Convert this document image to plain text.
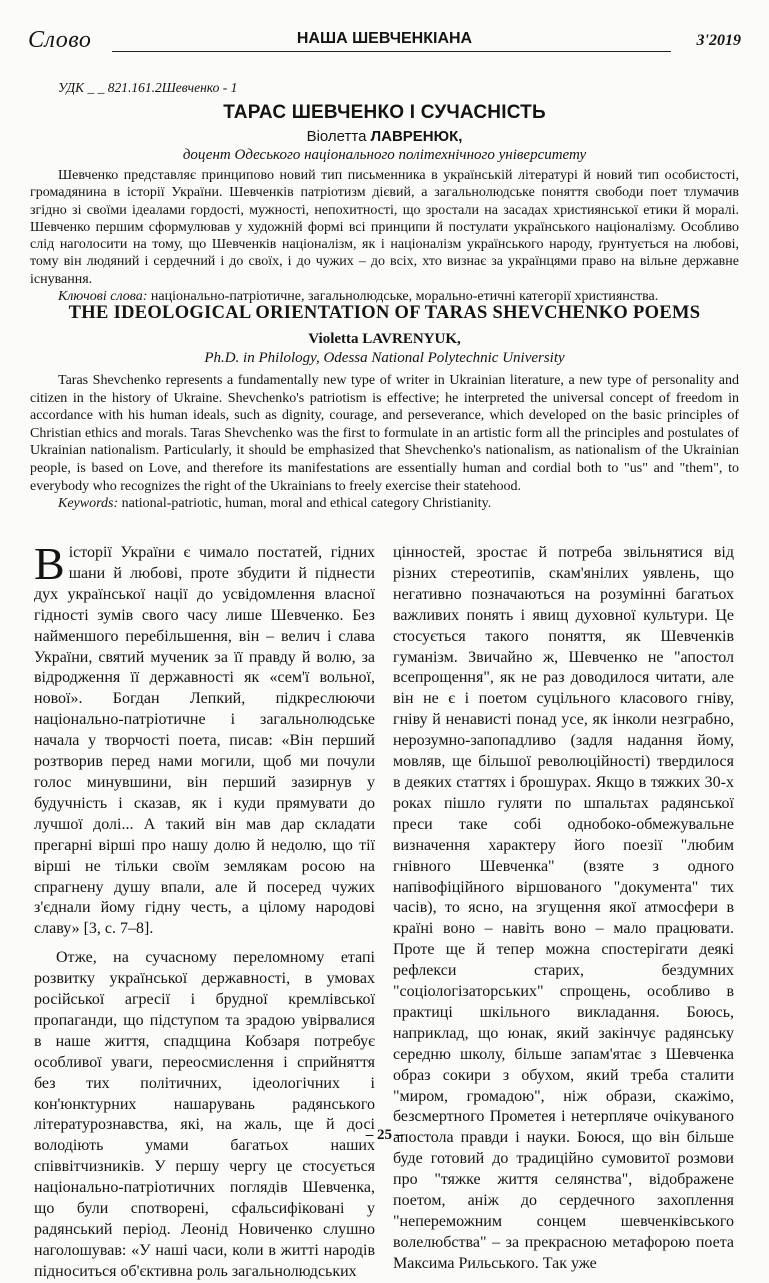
Слово	НАША ШЕВЧЕНКІАНА	3'2019
УДК _ _ 821.161.2Шевченко - 1
ТАРАС ШЕВЧЕНКО І СУЧАСНІСТЬ
Віолетта ЛАВРЕНЮК,
доцент Одеського національного політехнічного університету

Шевченко представляє принципово новий тип письменника в українській літературі й новий тип особистості, громадянина в історії України. Шевченків патріотизм дієвий, а загальнолюдське поняття свободи поет тлумачив згідно зі своїми ідеалами гордості, мужності, непохитності, що зростали на засадах християнської етики й моралі. Шевченко першим сформулював у художній формі всі принципи й постулати українського націоналізму. Особливо слід наголосити на тому, що Шевченків націоналізм, як і націоналізм українського народу, ґрунтується на любові, тому він людяний і сердечний і до своїх, і до чужих – до всіх, хто визнає за українцями право на вільне державне існування.

Ключові слова: національно-патріотичне, загальнолюдське, морально-етичні категорії християнства.
THE IDEOLOGICAL ORIENTATION OF TARAS SHEVCHENKO POEMS
Violetta LAVRENYUK,
Ph.D. in Philology, Odessa National Polytechnic University

Taras Shevchenko represents a fundamentally new type of writer in Ukrainian literature, a new type of personality and citizen in the history of Ukraine. Shevchenko's patriotism is effective; he interpreted the universal concept of freedom in accordance with his human ideals, such as dignity, courage, and perseverance, which developed on the basic principles of Christian ethics and morals. Taras Shevchenko was the first to formulate in an artistic form all the principles and postulates of Ukrainian nationalism. Particularly, it should be emphasized that Shevchenko's nationalism, as nationalism of the Ukrainian people, is based on Love, and therefore its manifestations are essentially human and cordial both to "us" and "them", to everybody who recognizes the right of the Ukrainians to freely exercise their statehood.

Keywords: national-patriotic, human, moral and ethical category Christianity.

Вісторії України є чимало постатей, гідних шани й любові, проте збудити й піднести дух української нації до усвідомлення власної гідності зумів свого часу лише Шевченко. Без найменшого перебільшення, він – велич і слава України, святий мученик за її правду й волю, за відродження її державності як «сем'ї вольної, новоï». Богдан Лепкий, підкреслюючи національно-патріотичне і загальнолюдське начала у творчості поета, писав: «Він перший розтворив перед нами могили, щоб ми почули голос минувшини, він перший зазирнув у будучність і сказав, як і куди прямувати до лучшої долі... А такий він мав дар складати прегарні вірші про нашу долю й недолю, що тії вірші не тільки своїм землякам росою на спрагнену душу впали, але й посеред чужих з'єднали йому гідну честь, а цілому народові славу» [3, с. 7–8].

Отже, на сучасному переломному етапі розвитку української державності, в умовах російської агресії і брудної кремлівської пропаганди, що підступом та зрадою увірвалися в наше життя, спадщина Кобзаря потребує особливої уваги, переосмислення і сприйняття без тих політичних, ідеологічних і кон'юнктурних нашарувань радянського літературознавства, які, на жаль, ще й досі володіють умами багатьох наших співвітчизників. У першу чергу це стосується національно-патріотичних поглядів Шевченка, що були спотворені, сфальсифіковані у радянський період. Леонід Новиченко слушно наголошував: «У наші часи, коли в житті народів підноситься об'єктивна роль загальнолюдських

цінностей, зростає й потреба звільнятися від різних стереотипів, скам'янілих уявлень, що негативно позначаються на розумінні багатьох важливих понять і явищ духовної культури. Це стосується такого поняття, як Шевченків гуманізм. Звичайно ж, Шевченко не "апостол всепрощення", як не раз доводилося читати, але він не є і поетом суцільного класового гніву, гніву й ненависті понад усе, як інколи незграбно, нерозумно-запопадливо (задля надання йому, мовляв, ще більшої революційності) твердилося в деяких статтях і брошурах. Якщо в тяжких 30-х роках пішло гуляти по шпальтах радянської преси таке собі однобоко-обмежувальне визначення характеру його поезії "любим гнівного Шевченка" (взяте з одного напівофіційного віршованого "документа" тих часів), то ясно, на згущення якої атмосфери в країні воно – навіть воно – мало працювати. Проте ще й тепер можна спостерігати деякі рефлекси старих, бездумних "соціологізаторських" спрощень, особливо в практиці шкільного викладання. Боюсь, наприклад, що юнак, який закінчує радянську середню школу, більше запам'ятає з Шевченка образ сокири з обухом, який треба сталити "миром, громадою", ніж образи, скажімо, безсмертного Прометея і нетерпляче очікуваного апостола правди і науки. Боюся, що він більше буде готовий до традиційно сумовитої розмови про "тяжке життя селянства", відображене поетом, аніж до сердечного захоплення "непереможним сонцем шевченківського волелюбства" – за прекрасною метафорою поета Максима Рильського. Так уже

– 25 –
